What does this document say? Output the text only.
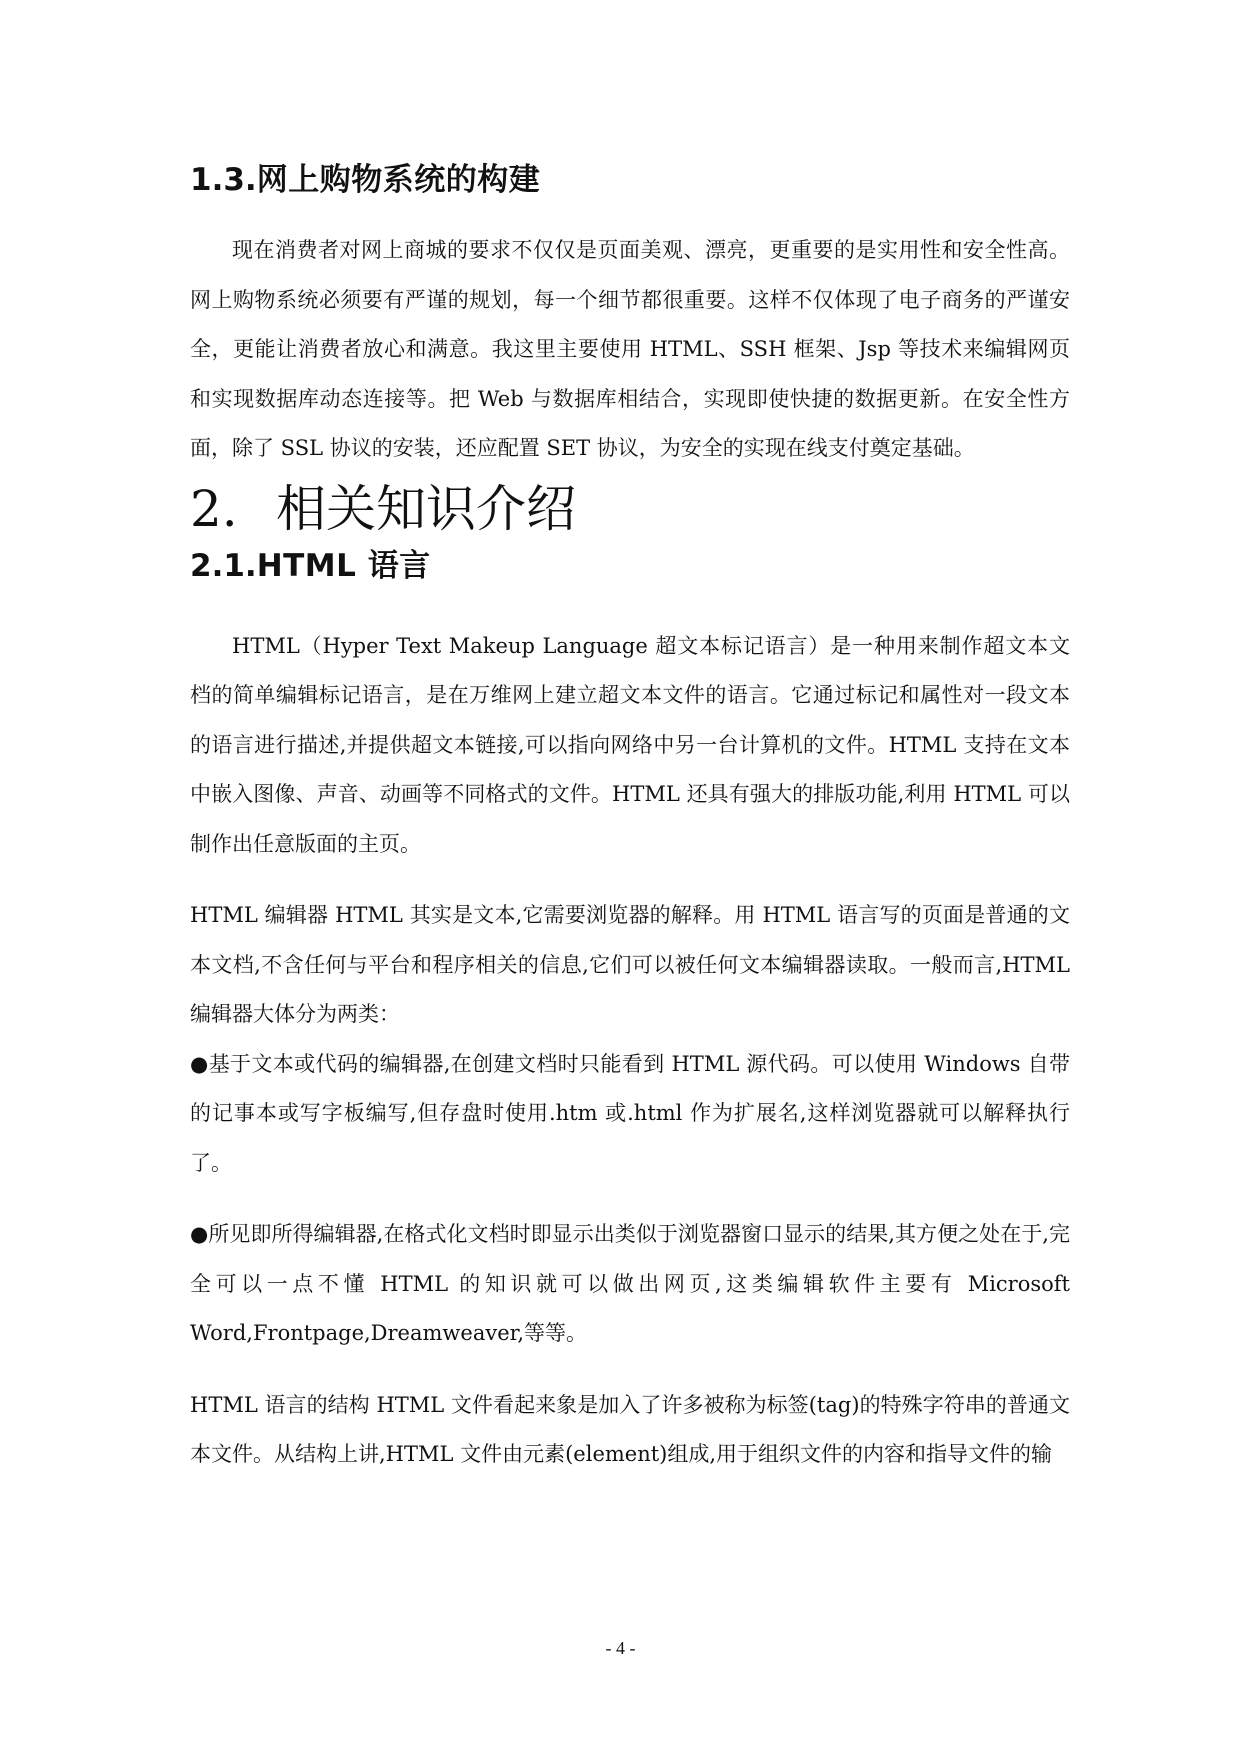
1.3.网上购物系统的构建

现在消费者对网上商城的要求不仅仅是页面美观、漂亮，更重要的是实用性和安全性高。网上购物系统必须要有严谨的规划，每一个细节都很重要。这样不仅体现了电子商务的严谨安全，更能让消费者放心和满意。我这里主要使用 HTML、SSH 框架、Jsp 等技术来编辑网页和实现数据库动态连接等。把 Web 与数据库相结合，实现即使快捷的数据更新。在安全性方面，除了 SSL 协议的安装，还应配置 SET 协议，为安全的实现在线支付奠定基础。

2. 相关知识介绍
2.1.HTML 语言

HTML（Hyper Text Makeup Language 超文本标记语言）是一种用来制作超文本文档的简单编辑标记语言，是在万维网上建立超文本文件的语言。它通过标记和属性对一段文本的语言进行描述,并提供超文本链接,可以指向网络中另一台计算机的文件。HTML 支持在文本中嵌入图像、声音、动画等不同格式的文件。HTML 还具有强大的排版功能,利用 HTML 可以制作出任意版面的主页。

HTML 编辑器 HTML 其实是文本,它需要浏览器的解释。用 HTML 语言写的页面是普通的文本文档,不含任何与平台和程序相关的信息,它们可以被任何文本编辑器读取。一般而言,HTML 编辑器大体分为两类：

●基于文本或代码的编辑器,在创建文档时只能看到 HTML 源代码。可以使用 Windows 自带的记事本或写字板编写,但存盘时使用.htm 或.html 作为扩展名,这样浏览器就可以解释执行了。

●所见即所得编辑器,在格式化文档时即显示出类似于浏览器窗口显示的结果,其方便之处在于,完全可以一点不懂 HTML 的知识就可以做出网页,这类编辑软件主要有 Microsoft Word,Frontpage,Dreamweaver,等等。

HTML 语言的结构 HTML 文件看起来象是加入了许多被称为标签(tag)的特殊字符串的普通文本文件。从结构上讲,HTML 文件由元素(element)组成,用于组织文件的内容和指导文件的输

- 4 -
